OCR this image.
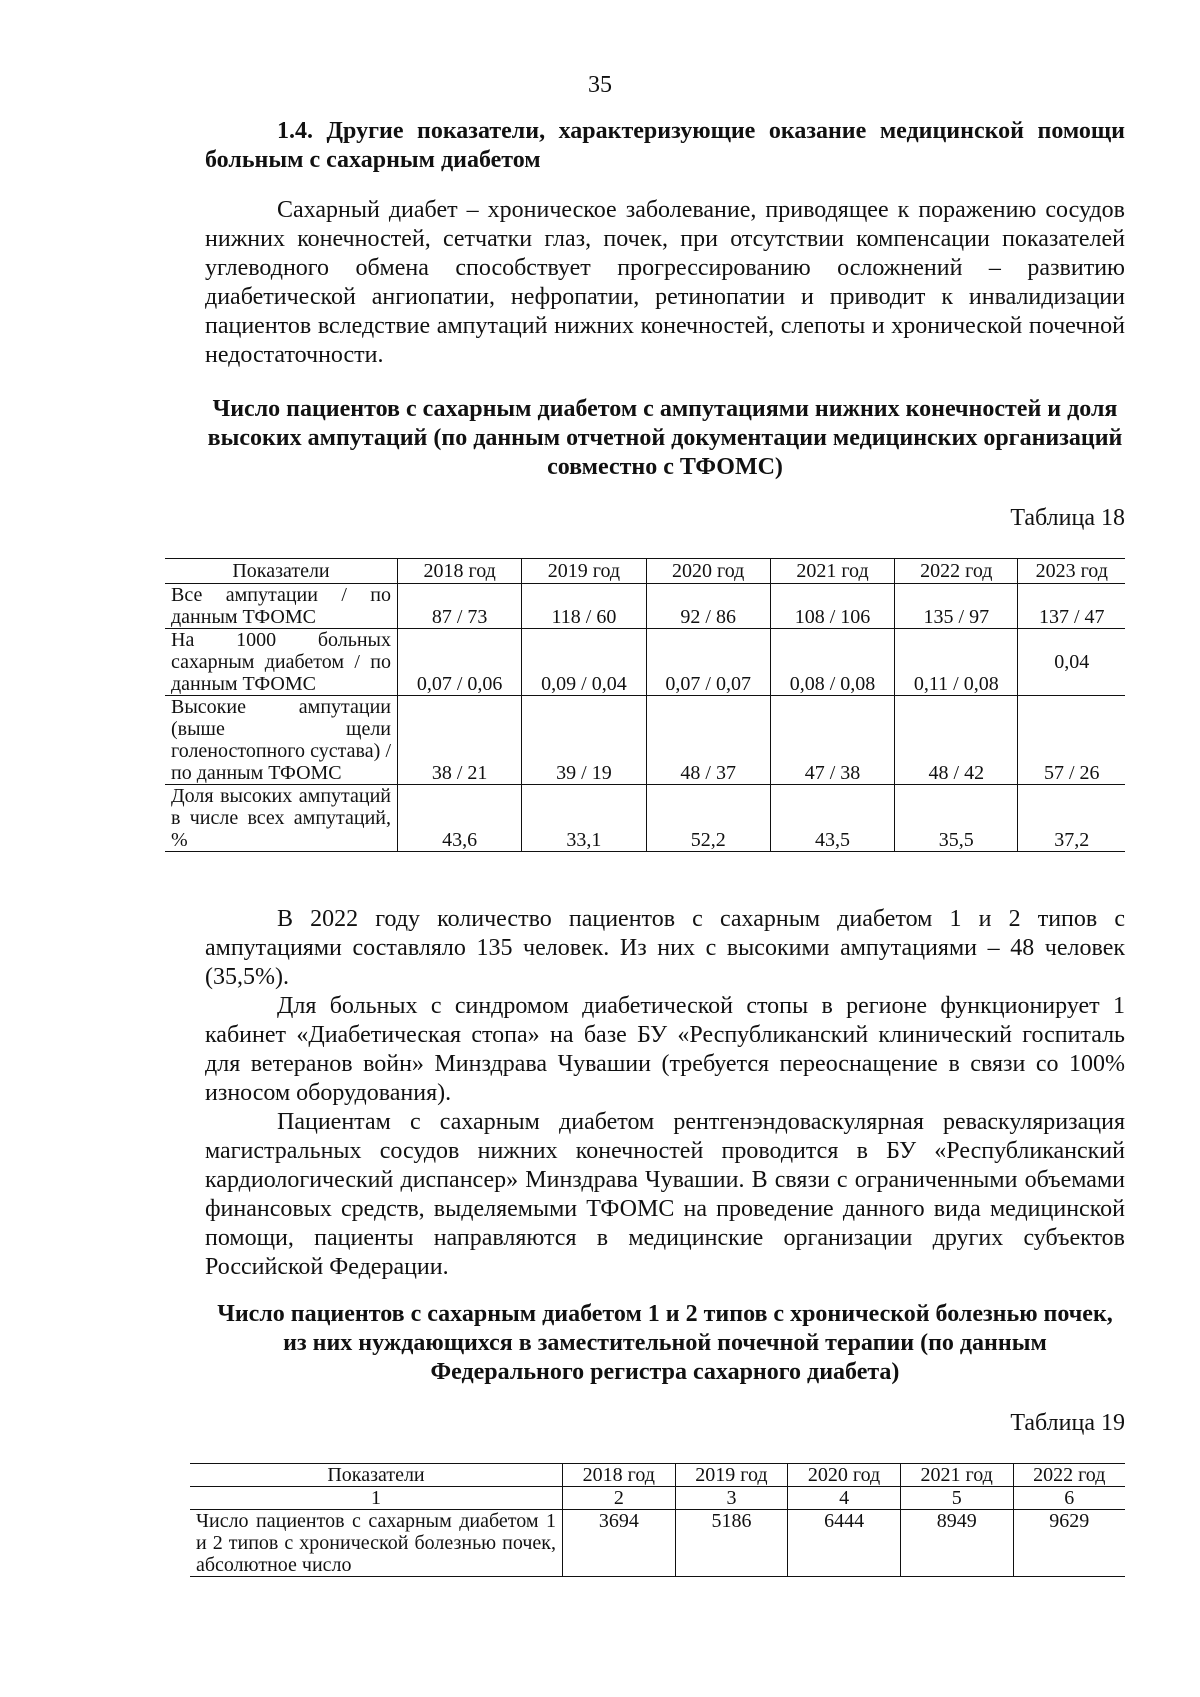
35
1.4. Другие показатели, характеризующие оказание медицинской помощи больным с сахарным диабетом

Сахарный диабет – хроническое заболевание, приводящее к поражению сосудов нижних конечностей, сетчатки глаз, почек, при отсутствии компенсации показателей углеводного обмена способствует прогрессированию осложнений – развитию диабетической ангиопатии, нефропатии, ретинопатии и приводит к инвалидизации пациентов вследствие ампутаций нижних конечностей, слепоты и хронической почечной недостаточности.

Число пациентов с сахарным диабетом с ампутациями нижних конечностей и доля высоких ампутаций (по данным отчетной документации медицинских организаций совместно с ТФОМС)
Таблица 18
Показатели	2018 год	2019 год	2020 год	2021 год	2022 год	2023 год
Все ампутации / по данным ТФОМС	87 / 73	118 / 60	92 / 86	108 / 106	135 / 97	137 / 47
На 1000 больных сахарным диабетом / по данным ТФОМС	0,07 / 0,06	0,09 / 0,04	0,07 / 0,07	0,08 / 0,08	0,11 / 0,08	0,04
Высокие ампутации (выше щели голеностопного сустава) / по данным ТФОМС	38 / 21	39 / 19	48 / 37	47 / 38	48 / 42	57 / 26
Доля высоких ампутаций в числе всех ампутаций, %	43,6	33,1	52,2	43,5	35,5	37,2

В 2022 году количество пациентов с сахарным диабетом 1 и 2 типов с ампутациями составляло 135 человек. Из них с высокими ампутациями – 48 человек (35,5%).

Для больных с синдромом диабетической стопы в регионе функционирует 1 кабинет «Диабетическая стопа» на базе БУ «Республиканский клинический госпиталь для ветеранов войн» Минздрава Чувашии (требуется переоснащение в связи со 100% износом оборудования).

Пациентам с сахарным диабетом рентгенэндоваскулярная реваскуляризация магистральных сосудов нижних конечностей проводится в БУ «Республиканский кардиологический диспансер» Минздрава Чувашии. В связи с ограниченными объемами финансовых средств, выделяемыми ТФОМС на проведение данного вида медицинской помощи, пациенты направляются в медицинские организации других субъектов Российской Федерации.

Число пациентов с сахарным диабетом 1 и 2 типов с хронической болезнью почек, из них нуждающихся в заместительной почечной терапии (по данным Федерального регистра сахарного диабета)
Таблица 19
Показатели	2018 год	2019 год	2020 год	2021 год	2022 год
1	2	3	4	5	6
Число пациентов с сахарным диабетом 1 и 2 типов с хронической болезнью почек, абсолютное число	3694	5186	6444	8949	9629
